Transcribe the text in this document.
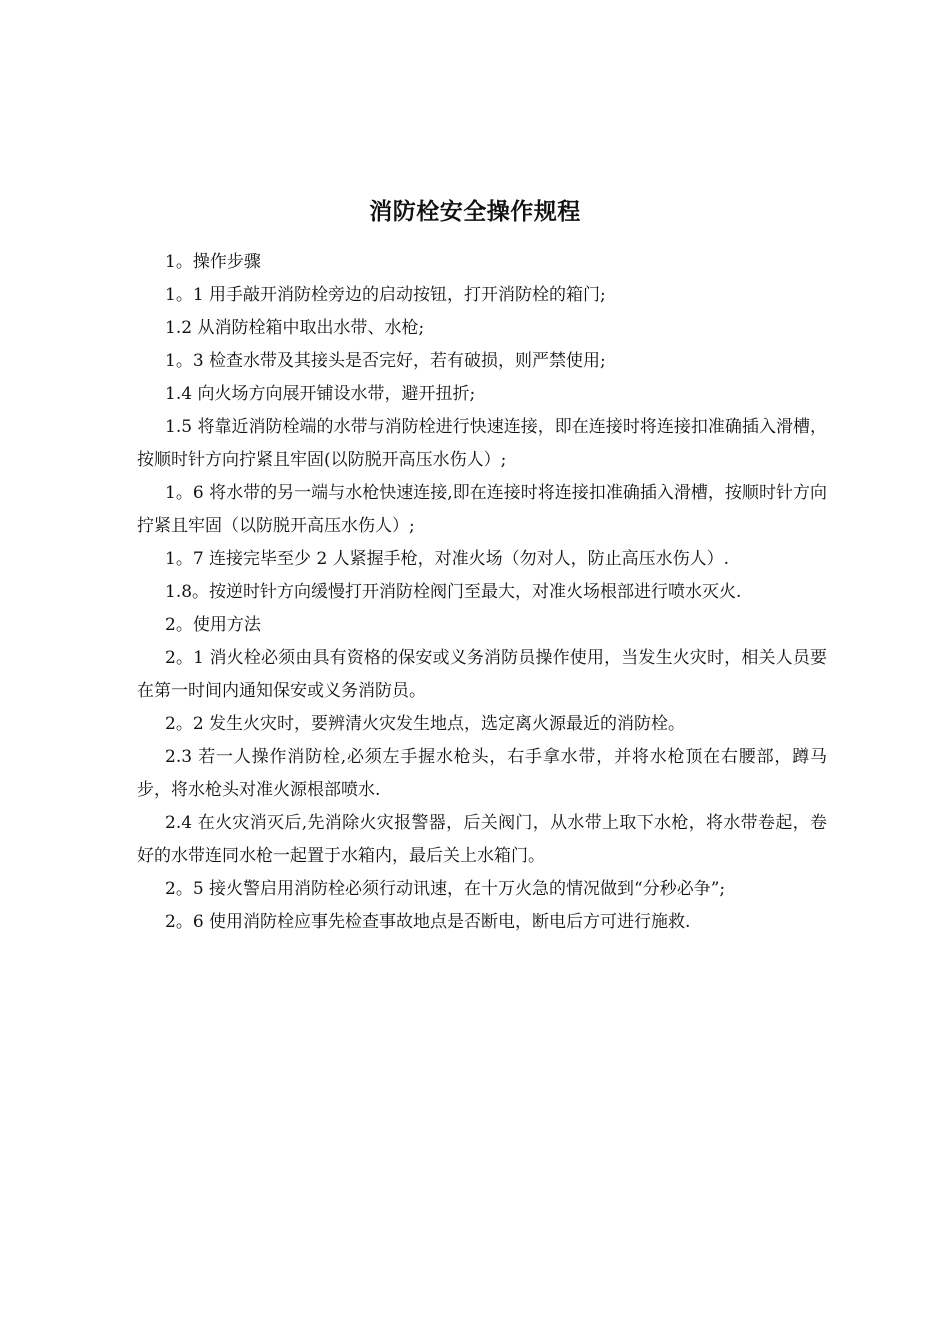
消防栓安全操作规程

1。操作步骤

1。1 用手敲开消防栓旁边的启动按钮，打开消防栓的箱门;

1.2 从消防栓箱中取出水带、水枪;

1。3 检查水带及其接头是否完好，若有破损，则严禁使用;

1.4 向火场方向展开铺设水带，避开扭折;

1.5 将靠近消防栓端的水带与消防栓进行快速连接，即在连接时将连接扣准确插入滑槽，按顺时针方向拧紧且牢固(以防脱开高压水伤人）;

1。6 将水带的另一端与水枪快速连接,即在连接时将连接扣准确插入滑槽，按顺时针方向拧紧且牢固（以防脱开高压水伤人）;

1。7 连接完毕至少 2 人紧握手枪，对准火场（勿对人，防止高压水伤人）.

1.8。按逆时针方向缓慢打开消防栓阀门至最大，对准火场根部进行喷水灭火.

2。使用方法

2。1 消火栓必须由具有资格的保安或义务消防员操作使用，当发生火灾时，相关人员要在第一时间内通知保安或义务消防员。

2。2 发生火灾时，要辨清火灾发生地点，选定离火源最近的消防栓。

2.3 若一人操作消防栓,必须左手握水枪头，右手拿水带，并将水枪顶在右腰部，蹲马步，将水枪头对准火源根部喷水.

2.4 在火灾消灭后,先消除火灾报警器，后关阀门，从水带上取下水枪，将水带卷起，卷好的水带连同水枪一起置于水箱内，最后关上水箱门。

2。5 接火警启用消防栓必须行动讯速，在十万火急的情况做到“分秒必争”;

2。6 使用消防栓应事先检查事故地点是否断电，断电后方可进行施救.
